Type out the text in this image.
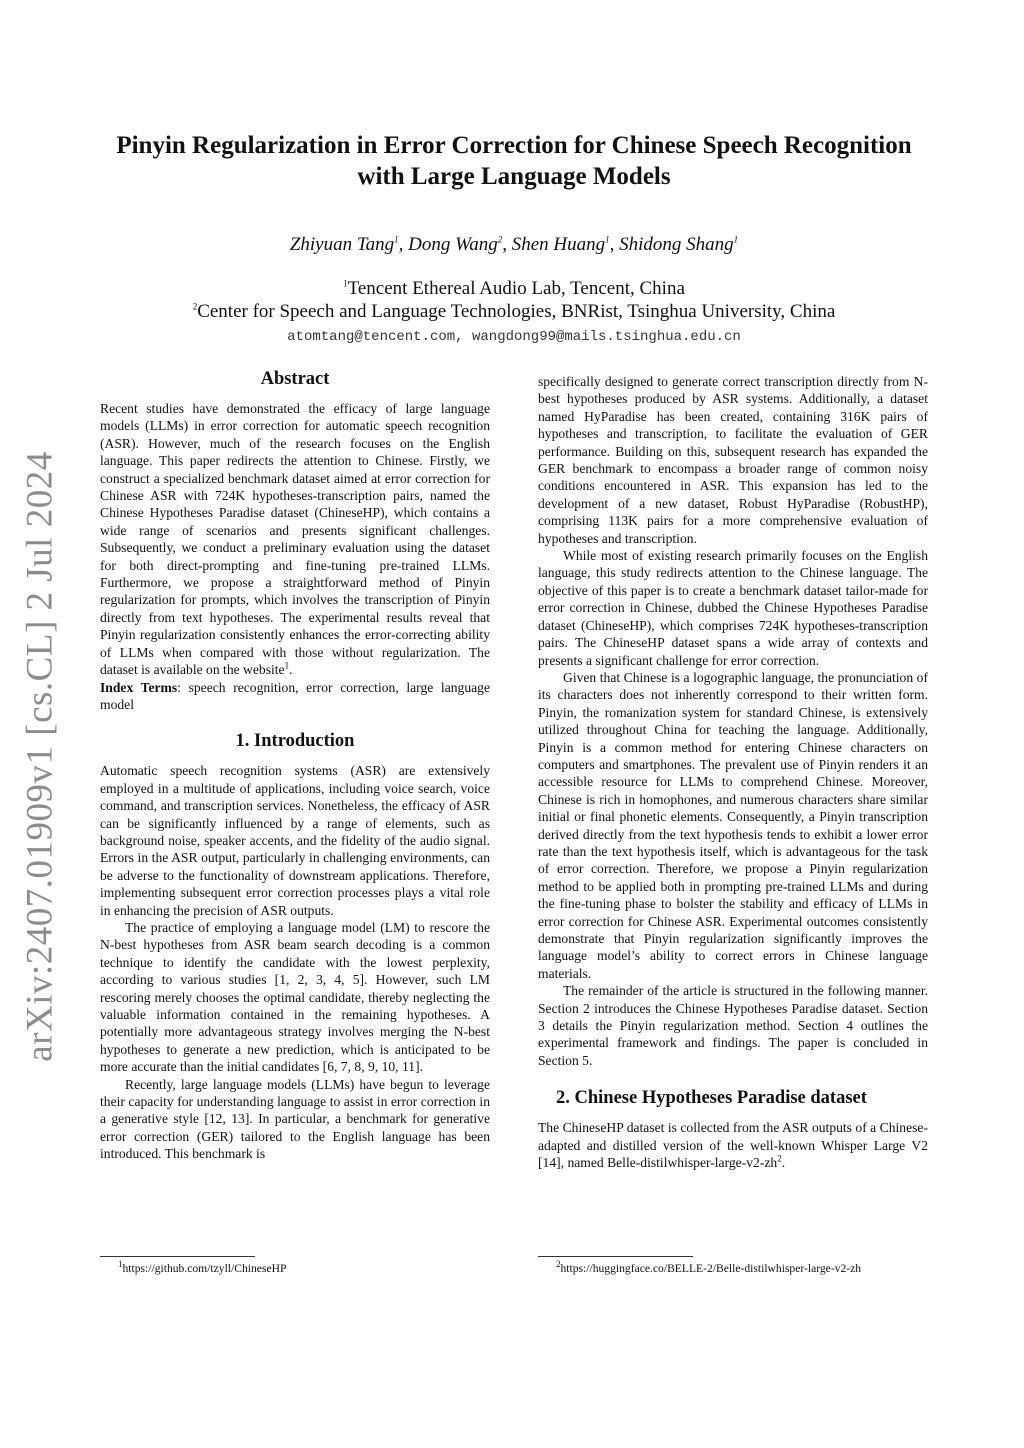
Pinyin Regularization in Error Correction for Chinese Speech Recognition
with Large Language Models
Zhiyuan Tang$^1$, Dong Wang$^2$, Shen Huang$^1$, Shidong Shang$^1$
$^1$Tencent Ethereal Audio Lab, Tencent, China
$^2$Center for Speech and Language Technologies, BNRist, Tsinghua University, China
atomtang@tencent.com, wangdong99@mails.tsinghua.edu.cn
arXiv:2407.01909v1 [cs.CL] 2 Jul 2024
Abstract

Recent studies have demonstrated the efficacy of large language models (LLMs) in error correction for automatic speech recognition (ASR). However, much of the research focuses on the English language. This paper redirects the attention to Chinese. Firstly, we construct a specialized benchmark dataset aimed at error correction for Chinese ASR with 724K hypotheses-transcription pairs, named the Chinese Hypotheses Paradise dataset (ChineseHP), which contains a wide range of scenarios and presents significant challenges. Subsequently, we conduct a preliminary evaluation using the dataset for both direct-prompting and fine-tuning pre-trained LLMs. Furthermore, we propose a straightforward method of Pinyin regularization for prompts, which involves the transcription of Pinyin directly from text hypotheses. The experimental results reveal that Pinyin regularization consistently enhances the error-correcting ability of LLMs when compared with those without regularization. The dataset is available on the website$^1$.

Index Terms: speech recognition, error correction, large language model

1. Introduction

Automatic speech recognition systems (ASR) are extensively employed in a multitude of applications, including voice search, voice command, and transcription services. Nonetheless, the efficacy of ASR can be significantly influenced by a range of elements, such as background noise, speaker accents, and the fidelity of the audio signal. Errors in the ASR output, particularly in challenging environments, can be adverse to the functionality of downstream applications. Therefore, implementing subsequent error correction processes plays a vital role in enhancing the precision of ASR outputs.

The practice of employing a language model (LM) to rescore the N-best hypotheses from ASR beam search decoding is a common technique to identify the candidate with the lowest perplexity, according to various studies [1, 2, 3, 4, 5]. However, such LM rescoring merely chooses the optimal candidate, thereby neglecting the valuable information contained in the remaining hypotheses. A potentially more advantageous strategy involves merging the N-best hypotheses to generate a new prediction, which is anticipated to be more accurate than the initial candidates [6, 7, 8, 9, 10, 11].

Recently, large language models (LLMs) have begun to leverage their capacity for understanding language to assist in error correction in a generative style [12, 13]. In particular, a benchmark for generative error correction (GER) tailored to the English language has been introduced. This benchmark is

$^1$https://github.com/tzyll/ChineseHP

specifically designed to generate correct transcription directly from N-best hypotheses produced by ASR systems. Additionally, a dataset named HyParadise has been created, containing 316K pairs of hypotheses and transcription, to facilitate the evaluation of GER performance. Building on this, subsequent research has expanded the GER benchmark to encompass a broader range of common noisy conditions encountered in ASR. This expansion has led to the development of a new dataset, Robust HyParadise (RobustHP), comprising 113K pairs for a more comprehensive evaluation of hypotheses and transcription.

While most of existing research primarily focuses on the English language, this study redirects attention to the Chinese language. The objective of this paper is to create a benchmark dataset tailor-made for error correction in Chinese, dubbed the Chinese Hypotheses Paradise dataset (ChineseHP), which comprises 724K hypotheses-transcription pairs. The ChineseHP dataset spans a wide array of contexts and presents a significant challenge for error correction.

Given that Chinese is a logographic language, the pronunciation of its characters does not inherently correspond to their written form. Pinyin, the romanization system for standard Chinese, is extensively utilized throughout China for teaching the language. Additionally, Pinyin is a common method for entering Chinese characters on computers and smartphones. The prevalent use of Pinyin renders it an accessible resource for LLMs to comprehend Chinese. Moreover, Chinese is rich in homophones, and numerous characters share similar initial or final phonetic elements. Consequently, a Pinyin transcription derived directly from the text hypothesis tends to exhibit a lower error rate than the text hypothesis itself, which is advantageous for the task of error correction. Therefore, we propose a Pinyin regularization method to be applied both in prompting pre-trained LLMs and during the fine-tuning phase to bolster the stability and efficacy of LLMs in error correction for Chinese ASR. Experimental outcomes consistently demonstrate that Pinyin regularization significantly improves the language model’s ability to correct errors in Chinese language materials.

The remainder of the article is structured in the following manner. Section 2 introduces the Chinese Hypotheses Paradise dataset. Section 3 details the Pinyin regularization method. Section 4 outlines the experimental framework and findings. The paper is concluded in Section 5.

2. Chinese Hypotheses Paradise dataset

The ChineseHP dataset is collected from the ASR outputs of a Chinese-adapted and distilled version of the well-known Whisper Large V2 [14], named Belle-$distilwhisper-large-v2-zh^2$.

$^2$https://huggingface.co/BELLE-2/Belle-distilwhisper-large-v2-zh
